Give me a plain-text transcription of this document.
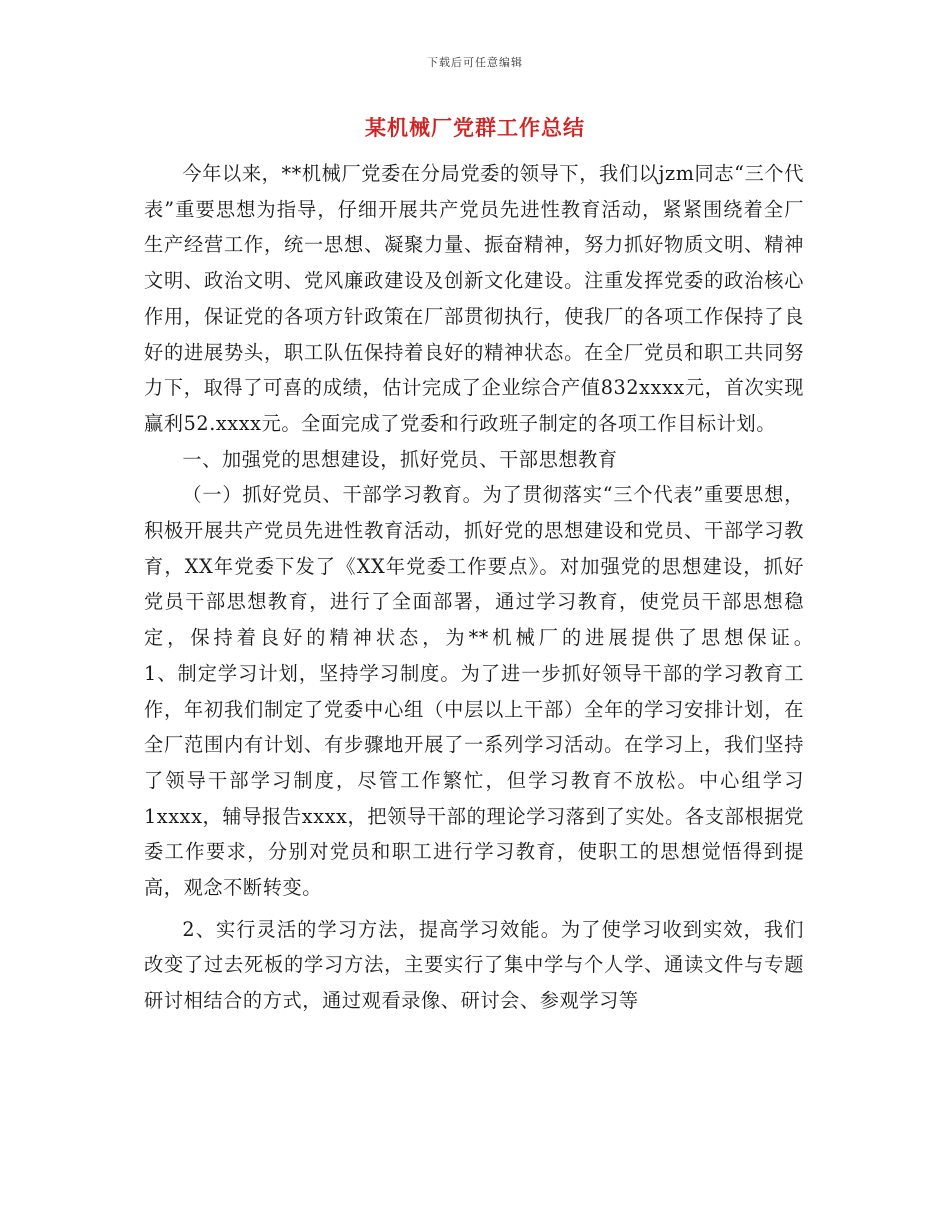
下载后可任意编辑
某机械厂党群工作总结

今年以来，**机械厂党委在分局党委的领导下，我们以jzm同志“三个代表”重要思想为指导，仔细开展共产党员先进性教育活动，紧紧围绕着全厂生产经营工作，统一思想、凝聚力量、振奋精神，努力抓好物质文明、精神文明、政治文明、党风廉政建设及创新文化建设。注重发挥党委的政治核心作用，保证党的各项方针政策在厂部贯彻执行，使我厂的各项工作保持了良好的进展势头，职工队伍保持着良好的精神状态。在全厂党员和职工共同努力下，取得了可喜的成绩，估计完成了企业综合产值832xxxx元，首次实现赢利52.xxxx元。全面完成了党委和行政班子制定的各项工作目标计划。

一、加强党的思想建设，抓好党员、干部思想教育

（一）抓好党员、干部学习教育。为了贯彻落实“三个代表”重要思想，积极开展共产党员先进性教育活动，抓好党的思想建设和党员、干部学习教育，XX年党委下发了《XX年党委工作要点》。对加强党的思想建设，抓好党员干部思想教育，进行了全面部署，通过学习教育，使党员干部思想稳定，保持着良好的精神状态，为**机械厂的进展提供了思想保证。　　　　1、制定学习计划，坚持学习制度。为了进一步抓好领导干部的学习教育工作，年初我们制定了党委中心组（中层以上干部）全年的学习安排计划，在全厂范围内有计划、有步骤地开展了一系列学习活动。在学习上，我们坚持了领导干部学习制度，尽管工作繁忙，但学习教育不放松。中心组学习1xxxx，辅导报告xxxx，把领导干部的理论学习落到了实处。各支部根据党委工作要求，分别对党员和职工进行学习教育，使职工的思想觉悟得到提高，观念不断转变。

2、实行灵活的学习方法，提高学习效能。为了使学习收到实效，我们改变了过去死板的学习方法，主要实行了集中学与个人学、通读文件与专题研讨相结合的方式，通过观看录像、研讨会、参观学习等
